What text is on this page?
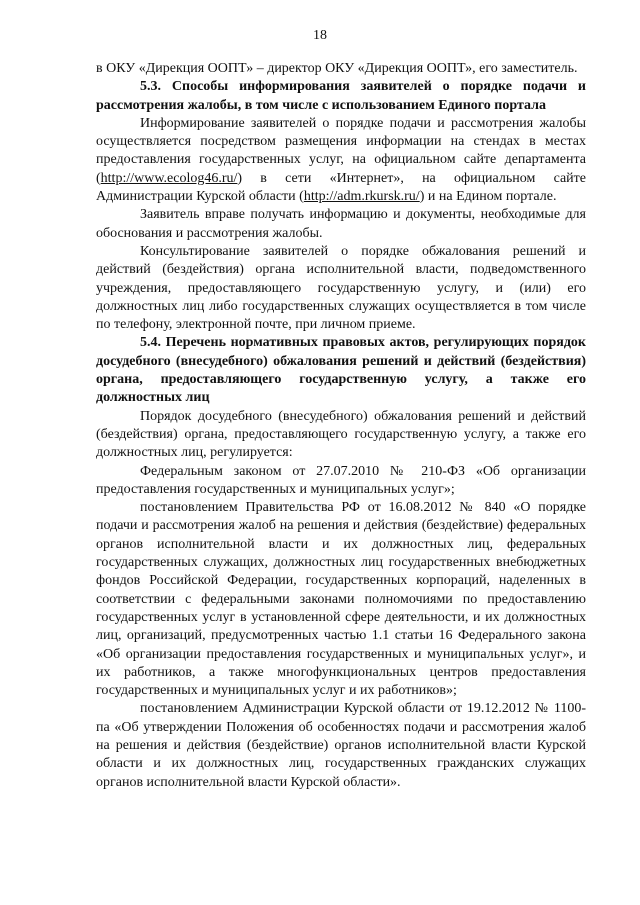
18

в ОКУ «Дирекция ООПТ» – директор ОКУ «Дирекция ООПТ», его заместитель.

5.3. Способы информирования заявителей о порядке подачи и рассмотрения жалобы, в том числе с использованием Единого портала

Информирование заявителей о порядке подачи и рассмотрения жалобы осуществляется посредством размещения информации на стендах в местах предоставления государственных услуг, на официальном сайте департамента (http://www.ecolog46.ru/) в сети «Интернет», на официальном сайте Администрации Курской области (http://adm.rkursk.ru/) и на Едином портале.

Заявитель вправе получать информацию и документы, необходимые для обоснования и рассмотрения жалобы.

Консультирование заявителей о порядке обжалования решений и действий (бездействия) органа исполнительной власти, подведомственного учреждения, предоставляющего государственную услугу, и (или) его должностных лиц либо государственных служащих осуществляется в том числе по телефону, электронной почте, при личном приеме.

5.4. Перечень нормативных правовых актов, регулирующих порядок досудебного (внесудебного) обжалования решений и действий (бездействия) органа, предоставляющего государственную услугу, а также его должностных лиц

Порядок досудебного (внесудебного) обжалования решений и действий (бездействия) органа, предоставляющего государственную услугу, а также его должностных лиц, регулируется:

Федеральным законом от 27.07.2010 № 210-ФЗ «Об организации предоставления государственных и муниципальных услуг»;

постановлением Правительства РФ от 16.08.2012 № 840 «О порядке подачи и рассмотрения жалоб на решения и действия (бездействие) федеральных органов исполнительной власти и их должностных лиц, федеральных государственных служащих, должностных лиц государственных внебюджетных фондов Российской Федерации, государственных корпораций, наделенных в соответствии с федеральными законами полномочиями по предоставлению государственных услуг в установленной сфере деятельности, и их должностных лиц, организаций, предусмотренных частью 1.1 статьи 16 Федерального закона «Об организации предоставления государственных и муниципальных услуг», и их работников, а также многофункциональных центров предоставления государственных и муниципальных услуг и их работников»;

постановлением Администрации Курской области от 19.12.2012 № 1100-па «Об утверждении Положения об особенностях подачи и рассмотрения жалоб на решения и действия (бездействие) органов исполнительной власти Курской области и их должностных лиц, государственных гражданских служащих органов исполнительной власти Курской области».
